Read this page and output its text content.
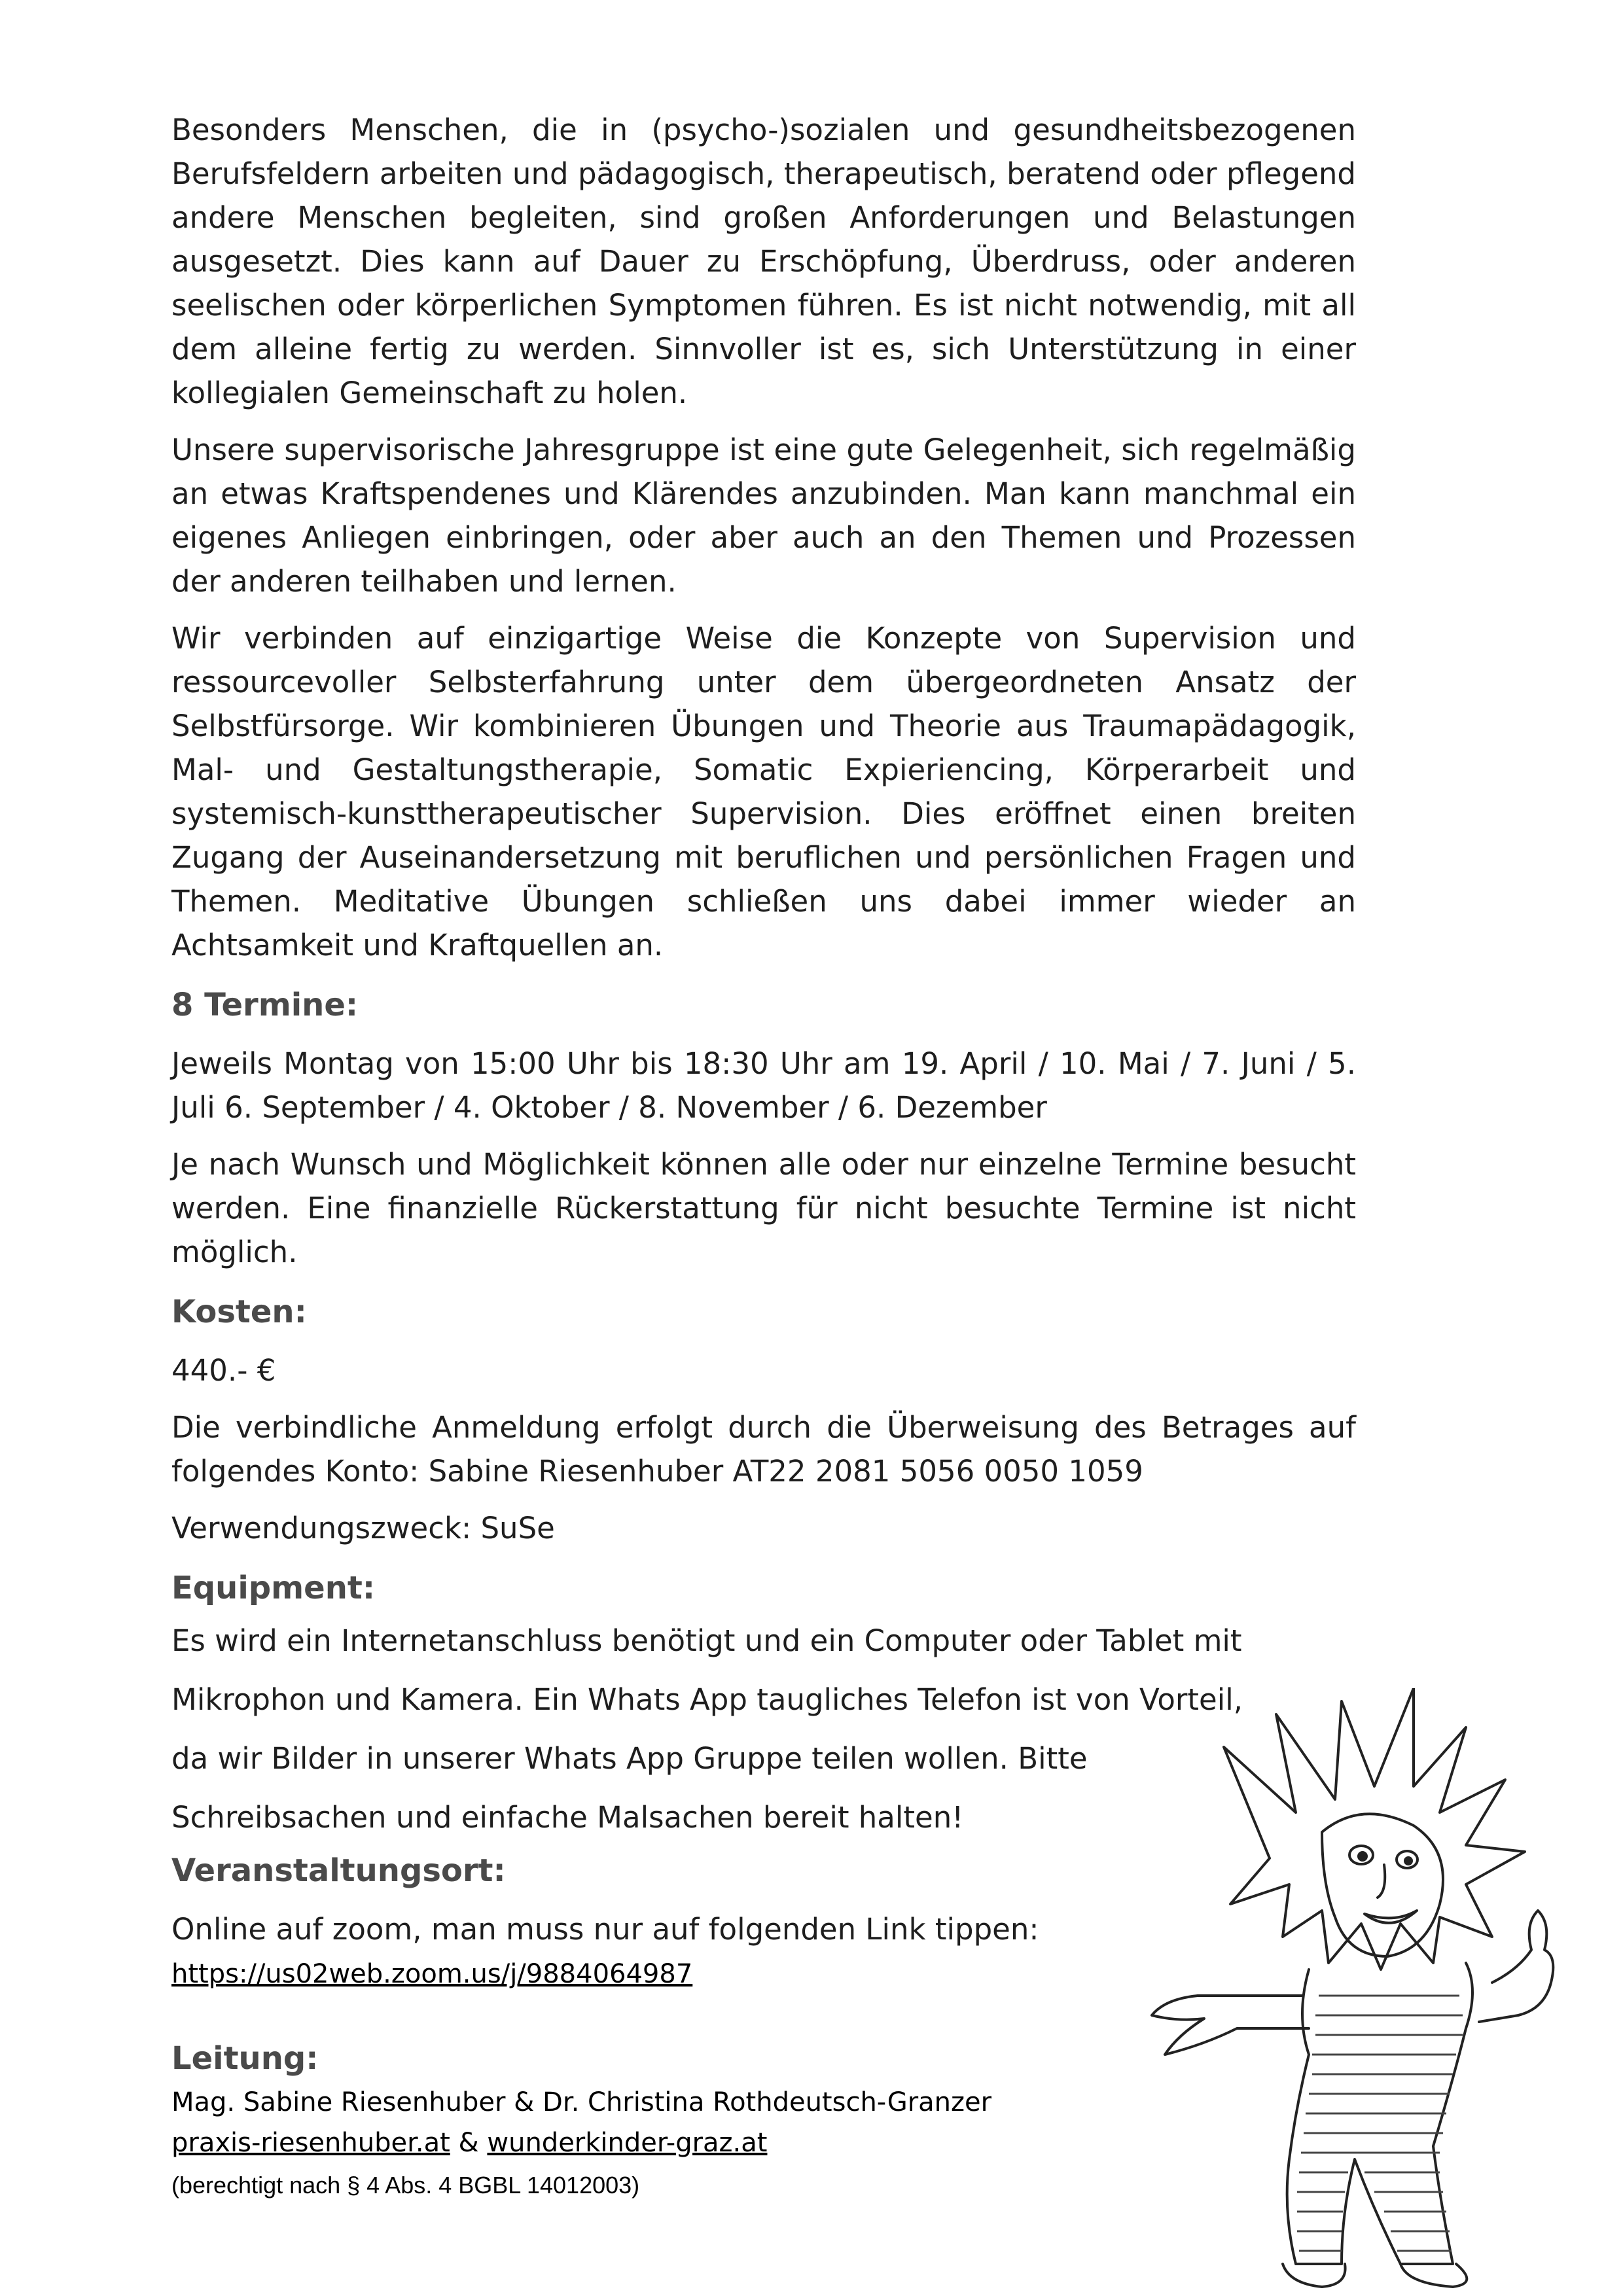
Besonders Menschen, die in (psycho-)sozialen und gesundheitsbezogenen Berufsfeldern arbeiten und pädagogisch, therapeutisch, beratend oder pflegend andere Menschen begleiten, sind großen Anforderungen und Belastungen ausgesetzt. Dies kann auf Dauer zu Erschöpfung, Überdruss, oder anderen seelischen oder körperlichen Symptomen führen. Es ist nicht notwendig, mit all dem alleine fertig zu werden. Sinnvoller ist es, sich Unterstützung in einer kollegialen Gemeinschaft zu holen.

Unsere supervisorische Jahresgruppe ist eine gute Gelegenheit, sich regelmäßig an etwas Kraftspendenes und Klärendes anzubinden. Man kann manchmal ein eigenes Anliegen einbringen, oder aber auch an den Themen und Prozessen der anderen teilhaben und lernen.

Wir verbinden auf einzigartige Weise die Konzepte von Supervision und ressourcevoller Selbsterfahrung unter dem übergeordneten Ansatz der Selbstfürsorge. Wir kombinieren Übungen und Theorie aus Traumapädagogik, Mal- und Gestaltungstherapie, Somatic Expieriencing, Körperarbeit und systemisch-kunsttherapeutischer Supervision. Dies eröffnet einen breiten Zugang der Auseinandersetzung mit beruflichen und persönlichen Fragen und Themen. Meditative Übungen schließen uns dabei immer wieder an Achtsamkeit und Kraftquellen an.

8 Termine:

Jeweils Montag von 15:00 Uhr bis 18:30 Uhr am 19. April / 10. Mai / 7. Juni / 5. Juli 6. September / 4. Oktober / 8. November / 6. Dezember

Je nach Wunsch und Möglichkeit können alle oder nur einzelne Termine besucht werden. Eine finanzielle Rückerstattung für nicht besuchte Termine ist nicht möglich.

Kosten:

440.- €

Die verbindliche Anmeldung erfolgt durch die Überweisung des Betrages auf folgendes Konto: Sabine Riesenhuber AT22 2081 5056 0050 1059

Verwendungszweck: SuSe

Equipment:

Es wird ein Internetanschluss benötigt und ein Computer oder Tablet mit

Mikrophon und Kamera. Ein Whats App taugliches Telefon ist von Vorteil,

da wir Bilder in unserer Whats App Gruppe teilen wollen. Bitte

Schreibsachen und einfache Malsachen bereit halten!

Veranstaltungsort:

Online auf zoom, man muss nur auf folgenden Link tippen:

https://us02web.zoom.us/j/9884064987

Leitung:

Mag. Sabine Riesenhuber & Dr. Christina Rothdeutsch-Granzer

praxis-riesenhuber.at & wunderkinder-graz.at

(berechtigt nach § 4 Abs. 4 BGBL 14012003)
